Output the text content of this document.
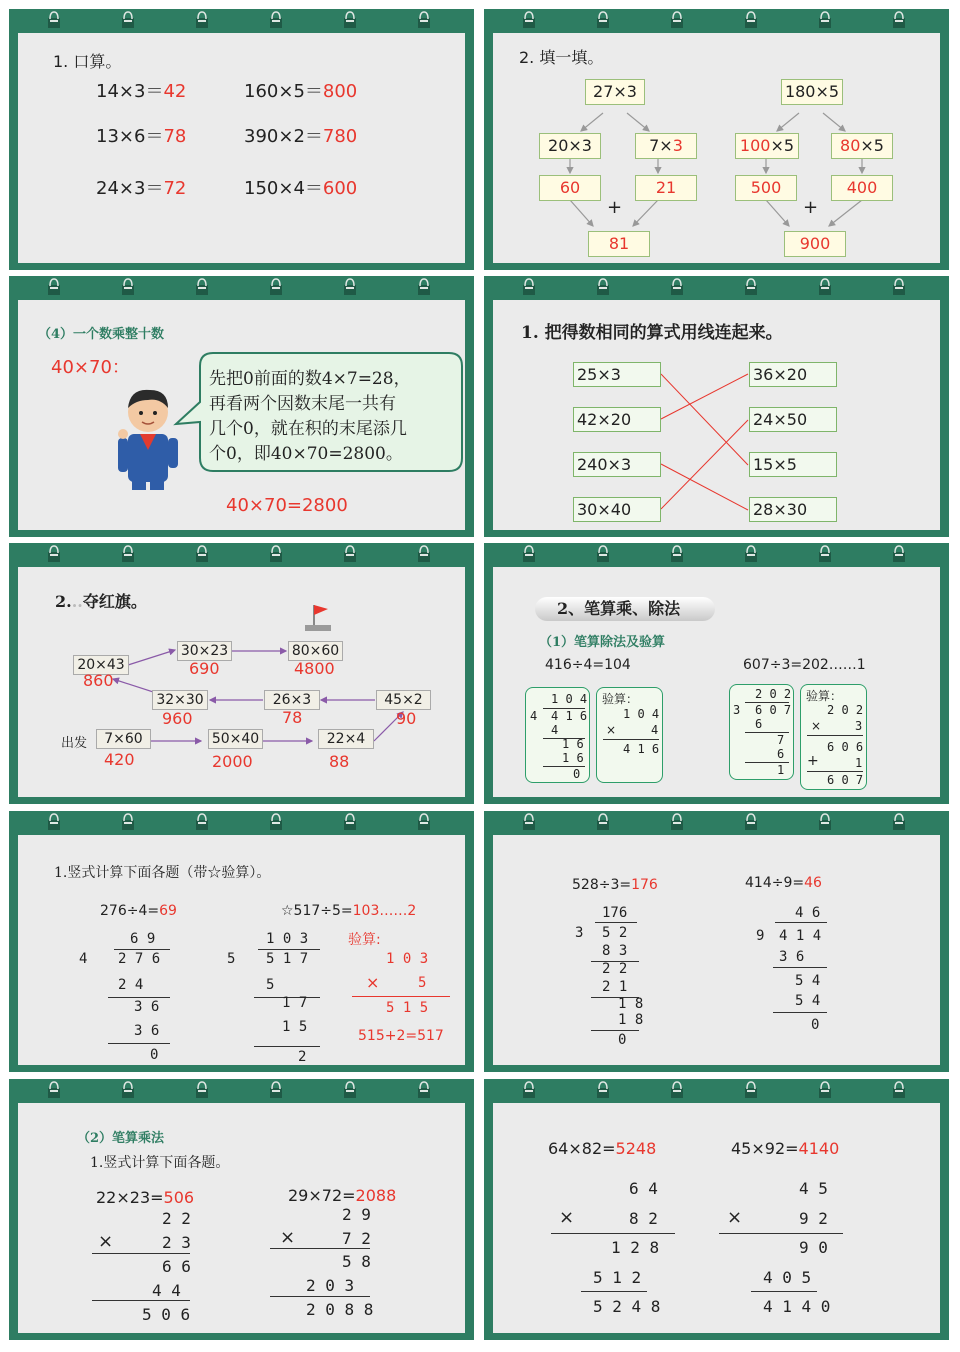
1. 口算。
14×3＝42	160×5＝800
13×6＝78	390×2＝780
24×3＝72	150×4＝600
2. 填一填。
27×3
20×3	7×3
60	21
+
81
180×5
100×5	80×5
500	400
+
900
（4）一个数乘整十数
40×70：
先把0前面的数4×7=28，
再看两个因数末尾一共有
几个0，就在积的末尾添几
个0，即40×70=2800。
40×70=2800
1. 把得数相同的算式用线连起来。
25×3
42×20
240×3
30×40
36×20
24×50
15×5
28×30
2...夺红旗。
出发	7×60
420
50×40
2000
22×4
88
45×2
90
26×3
78
32×30
960
20×43
860
30×23
690
80×60
4800
2、笔算乘、除法
（1）笔算除法及验算
416÷4=104	607÷3=202……1
1 0 4
4 4 1 6
4
1 6
1 6
0
验算：
1 0 4
×	4
4 1 6
2 0 2
3 6 0 7
6
7
6
1
验算：
2 0 2
×	3
6 0 6
+	1
6 0 7
1.竖式计算下面各题（带☆验算）。
276÷4=69	☆517÷5=103……2
6 9
4 2 7 6
2 4
3 6
3 6
0
1 0 3
5 5 1 7
5
1 7
1 5
2
验算:
1 0 3
×	5
5 1 5
515+2=517
528÷3=176	414÷9=46
176
3 5 2
8 3
2 2
2 1
1 8
1 8
0
4 6
9 4 1 4
3 6
5 4
5 4
0
（2）笔算乘法
1.竖式计算下面各题。
22×23=506	29×72=2088
2 2
×	2 3
6 6
4 4
5 0 6
2 9
×	7 2
5 8
2 0 3
2 0 8 8
64×82=5248	45×92=4140
6 4
×	8 2
1 2 8
5 1 2
5 2 4 8
4 5
×	9 2
9 0
4 0 5
4 1 4 0
